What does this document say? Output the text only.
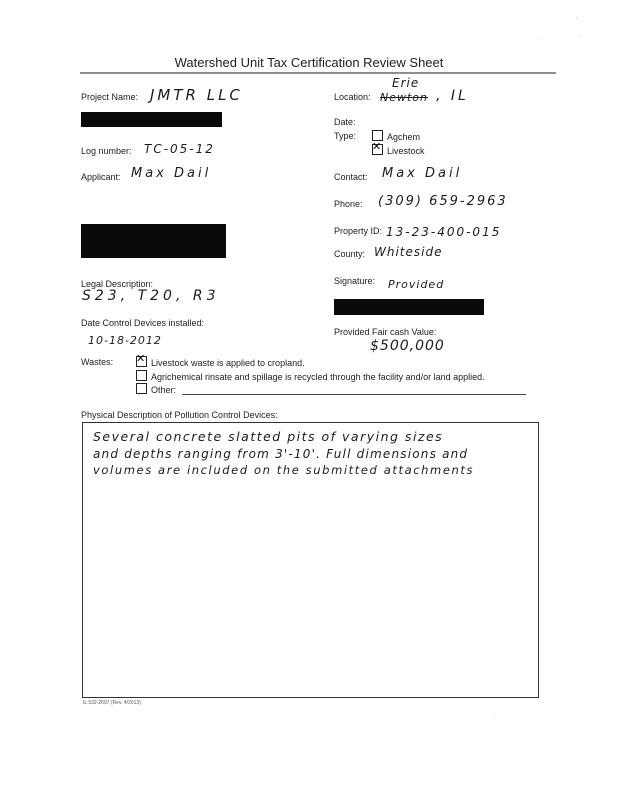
'
·
·
Watershed Unit Tax Certification Review Sheet
Project Name: JMTR LLC	Location:
Erie
Newton , IL
Date:
Type:	Agchem
✕ Livestock
Log number: TC-05-12
Applicant: Max Dail	Contact: Max Dail
Phone: (309) 659-2963
Property ID: 13-23-400-015
County: Whiteside
Legal Description:
S23, T20, R3
Signature: Provided
Date Control Devices installed:
10-18-2012
Provided Fair cash Value:
$500,000
Wastes: ✕ Livestock waste is applied to cropland.
Agrichemical rinsate and spillage is recycled through the facility and/or land applied.
Other:
Physical Description of Pollution Control Devices:
Several concrete slatted pits of varying sizes
and depths ranging from 3'-10'. Full dimensions and
volumes are included on the submitted attachments
IL 532-2697 (Rev. 4/2013)
·
